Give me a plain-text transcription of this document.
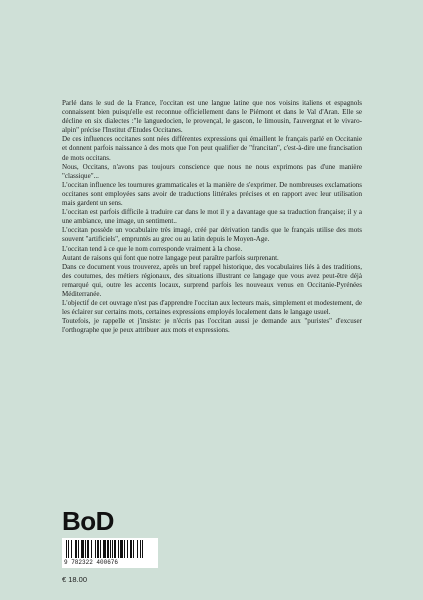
Parlé dans le sud de la France, l'occitan est une langue latine que nos voisins italiens et espagnols connaissent bien puisqu'elle est reconnue officiellement dans le Piémont et dans le Val d'Aran. Elle se décline en six dialectes :"le languedocien, le provençal, le gascon, le limousin, l'auvergnat et le vivaro-alpin" précise l'Institut d'Etudes Occitanes.

De ces influences occitanes sont nées différentes expressions qui émaillent le français parlé en Occitanie et donnent parfois naissance à des mots que l'on peut qualifier de "francitan", c'est-à-dire une francisation de mots occitans.

Nous, Occitans, n'avons pas toujours conscience que nous ne nous exprimons pas d'une manière "classique"...

L'occitan influence les tournures grammaticales et la manière de s'exprimer. De nombreuses exclamations occitanes sont employées sans avoir de traductions littérales précises et en rapport avec leur utilisation mais gardent un sens.

L'occitan est parfois difficile à traduire car dans le mot il y a davantage que sa traduction française; il y a une ambiance, une image, un sentiment..

L'occitan possède un vocabulaire très imagé, créé par dérivation tandis que le français utilise des mots souvent "artificiels", empruntés au grec ou au latin depuis le Moyen-Age.

L'occitan tend à ce que le nom corresponde vraiment à la chose.

Autant de raisons qui font que notre langage peut paraître parfois surprenant.

Dans ce document vous trouverez, après un bref rappel historique, des vocabulaires liés à des traditions, des coutumes, des métiers régionaux, des situations illustrant ce langage que vous avez peut-être déjà remarqué qui, outre les accents locaux, surprend parfois les nouveaux venus en Occitanie-Pyrénées Méditerranée.

L'objectif de cet ouvrage n'est pas d'apprendre l'occitan aux lecteurs mais, simplement et modestement, de les éclairer sur certains mots, certaines expressions employés localement dans le langage usuel.

Toutefois, je rappelle et j'insiste: je n'écris pas l'occitan aussi je demande aux "puristes" d'excuser l'orthographe que je peux attribuer aux mots et expressions.

BoD
9 782322 400676
€ 18.00
